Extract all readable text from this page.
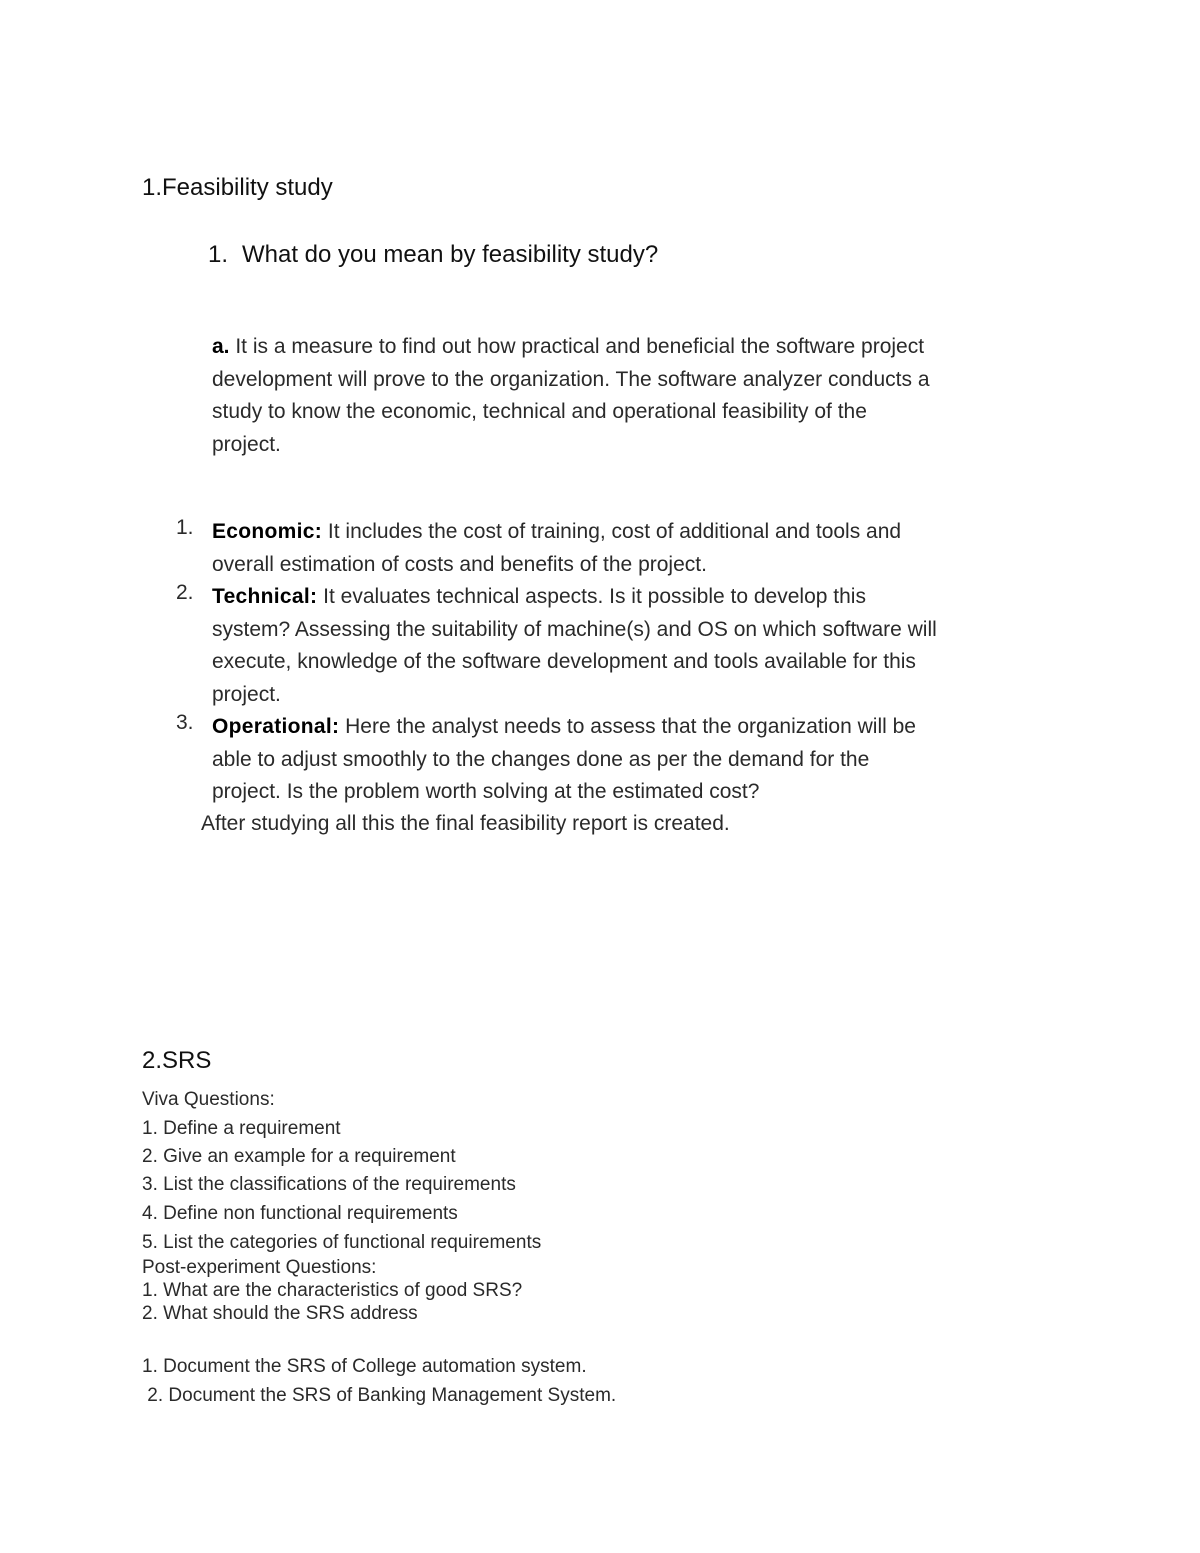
1.Feasibility study
1. What do you mean by feasibility study?
a. It is a measure to find out how practical and beneficial the software project
development will prove to the organization. The software analyzer conducts a
study to know the economic, technical and operational feasibility of the
project.
1. Economic: It includes the cost of training, cost of additional and tools and
overall estimation of costs and benefits of the project.
2. Technical: It evaluates technical aspects. Is it possible to develop this
system? Assessing the suitability of machine(s) and OS on which software will
execute, knowledge of the software development and tools available for this
project.
3. Operational: Here the analyst needs to assess that the organization will be
able to adjust smoothly to the changes done as per the demand for the
project. Is the problem worth solving at the estimated cost?
After studying all this the final feasibility report is created.
2.SRS
Viva Questions:
1. Define a requirement
2. Give an example for a requirement
3. List the classifications of the requirements
4. Define non functional requirements
5. List the categories of functional requirements
Post-experiment Questions:
1. What are the characteristics of good SRS?
2. What should the SRS address
1. Document the SRS of College automation system.
2. Document the SRS of Banking Management System.
